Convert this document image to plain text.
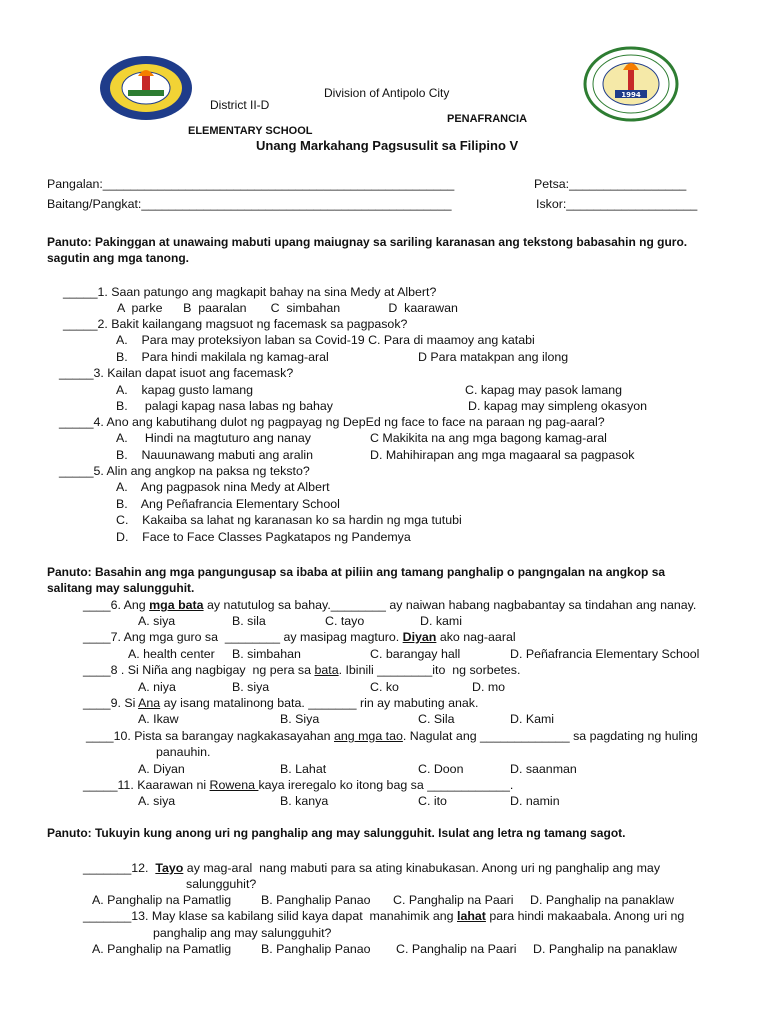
1994
Division of Antipolo City
District II-D
PENAFRANCIA
ELEMENTARY SCHOOL
Unang Markahang Pagsusulit sa Filipino V
Pangalan:___________________________________________________	Petsa:_________________
Baitang/Pangkat:_____________________________________________	Iskor:___________________
Panuto: Pakinggan at unawaing mabuti upang maiugnay sa sariling karanasan ang tekstong babasahin ng guro.
sagutin ang mga tanong.
_____1. Saan patungo ang magkapit bahay na sina Medy at Albert?
A  parke      B  paaralan       C  simbahan              D  kaarawan
_____2. Bakit kailangang magsuot ng facemask sa pagpasok?
A.    Para may proteksiyon laban sa Covid-19 C. Para di maamoy ang katabi
B.    Para hindi makilala ng kamag-aral	D Para matakpan ang ilong
_____3. Kailan dapat isuot ang facemask?
A.    kapag gusto lamang	C. kapag may pasok lamang
B.     palagi kapag nasa labas ng bahay	D. kapag may simpleng okasyon
_____4. Ano ang kabutihang dulot ng pagpayag ng DepEd ng face to face na paraan ng pag-aaral?
A.     Hindi na magtuturo ang nanay	C Makikita na ang mga bagong kamag-aral
B.    Nauunawang mabuti ang aralin	D. Mahihirapan ang mga magaaral sa pagpasok
_____5. Alin ang angkop na paksa ng teksto?
A.    Ang pagpasok nina Medy at Albert
B.    Ang Peñafrancia Elementary School
C.    Kakaiba sa lahat ng karanasan ko sa hardin ng mga tutubi
D.    Face to Face Classes Pagkatapos ng Pandemya
Panuto: Basahin ang mga pangungusap sa ibaba at piliin ang tamang panghalip o pangngalan na angkop sa
salitang may salungguhit.
____6. Ang mga bata ay natutulog sa bahay.________ ay naiwan habang nagbabantay sa tindahan ang nanay.
A. siya	B. sila	C. tayo	D. kami
____7. Ang mga guro sa  ________ ay masipag magturo. Diyan ako nag-aaral
A. health center B. simbahan	C. barangay hall	D. Peñafrancia Elementary School
____8 . Si Niña ang nagbigay  ng pera sa bata. Ibinili ________ito  ng sorbetes.
A. niya	B. siya	C. ko	D. mo
____9. Si Ana ay isang matalinong bata. _______ rin ay mabuting anak.
A. Ikaw	B. Siya	C. Sila	D. Kami
____10. Pista sa barangay nagkakasayahan ang mga tao. Nagulat ang _____________ sa pagdating ng huling
panauhin.
A. Diyan	B. Lahat	C. Doon	D. saanman
_____11. Kaarawan ni Rowena kaya ireregalo ko itong bag sa ____________.
A. siya	B. kanya	C. ito	D. namin
Panuto: Tukuyin kung anong uri ng panghalip ang may salungguhit. Isulat ang letra ng tamang sagot.
_______12.  Tayo ay mag-aral  nang mabuti para sa ating kinabukasan. Anong uri ng panghalip ang may
salungguhit?
A. Panghalip na Pamatlig B. Panghalip Panao C. Panghalip na Paari D. Panghalip na panaklaw
_______13. May klase sa kabilang silid kaya dapat  manahimik ang lahat para hindi makaabala. Anong uri ng
panghalip ang may salungguhit?
A. Panghalip na Pamatlig B. Panghalip Panao C. Panghalip na Paari D. Panghalip na panaklaw
